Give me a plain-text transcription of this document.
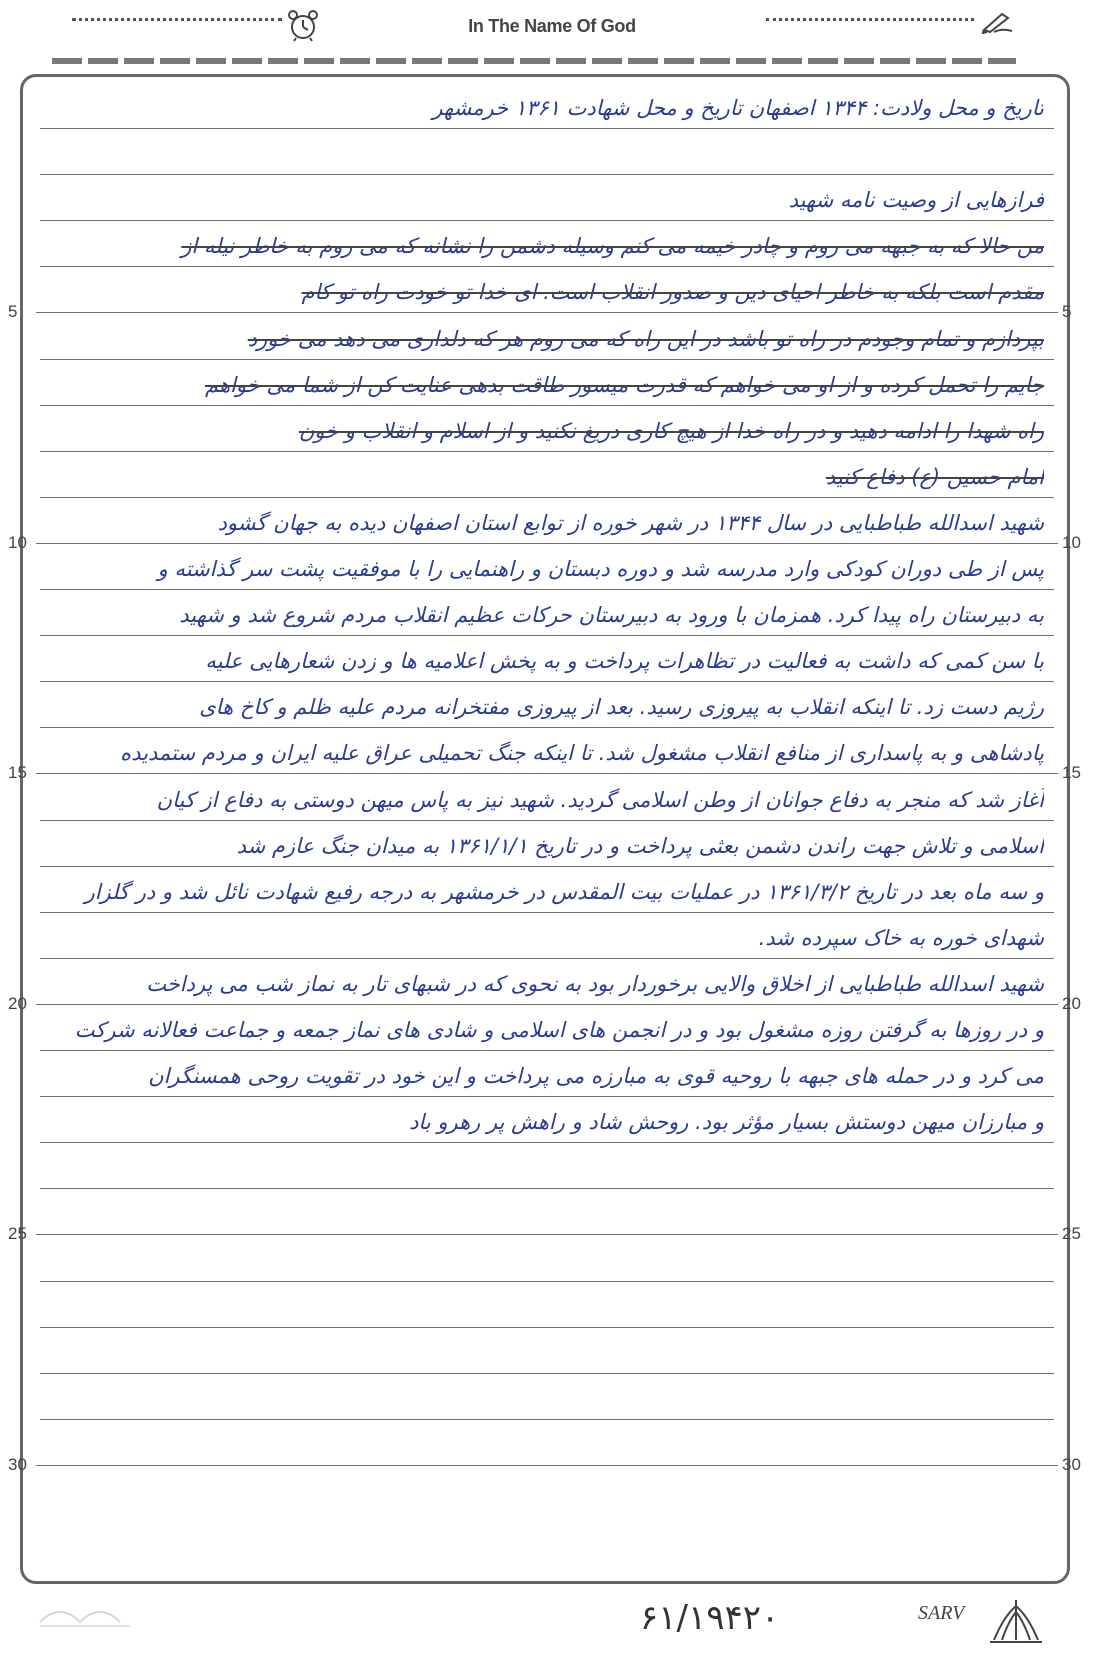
In The Name Of God
5	5
10	10
15	15
20	20
25	25
30	30
تاریخ و محل ولادت: ۱۳۴۴ اصفهان تاریخ و محل شهادت ۱۳۶۱ خرمشهر
فرازهایی از وصیت نامه شهید
من حالا که به جبهه می روم و چادر خیمه می کنم وسیله دشمن را نشانه که می روم به خاطر نیله از
مقدم است بلکه به خاطر احیای دین و صدور انقلاب است. ای خدا تو خودت راه تو کام
بپردازم و تمام وجودم در راه تو باشد در این راه که می روم هر که دلداری می دهد می خورد
جایم را تحمل کرده و از او می خواهم که قدرت میسور طاقت بدهی عنایت کن از شما می خواهم
راه شهدا را ادامه دهید و در راه خدا از هیچ کاری دریغ نکنید و از اسلام و انقلاب و خون
امام حسین (ع) دفاع کنید
شهید اسدالله طباطبایی در سال ۱۳۴۴ در شهر خوره از توابع استان اصفهان دیده به جهان گشود
پس از طی دوران کودکی وارد مدرسه شد و دوره دبستان و راهنمایی را با موفقیت پشت سر گذاشته و
به دبیرستان راه پیدا کرد. همزمان با ورود به دبیرستان حرکات عظیم انقلاب مردم شروع شد و شهید
با سن کمی که داشت به فعالیت در تظاهرات پرداخت و به پخش اعلامیه ها و زدن شعارهایی علیه
رژیم دست زد. تا اینکه انقلاب به پیروزی رسید. بعد از پیروزی مفتخرانه مردم علیه ظلم و کاخ های
پادشاهی و به پاسداری از منافع انقلاب مشغول شد. تا اینکه جنگ تحمیلی عراق علیه ایران و مردم ستمدیده
آغاز شد که منجر به دفاع جوانان از وطن اسلامی گردید. شهید نیز به پاس میهن دوستی به دفاع از کیان
اسلامی و تلاش جهت راندن دشمن بعثی پرداخت و در تاریخ ۱۳۶۱/۱/۱ به میدان جنگ عازم شد
و سه ماه بعد در تاریخ ۱۳۶۱/۳/۲ در عملیات بیت المقدس در خرمشهر به درجه رفیع شهادت نائل شد و در گلزار
شهدای خوره به خاک سپرده شد.
شهید اسدالله طباطبایی از اخلاق والایی برخوردار بود به نحوی که در شبهای تار به نماز شب می پرداخت
و در روزها به گرفتن روزه مشغول بود و در انجمن های اسلامی و شادی های نماز جمعه و جماعت فعالانه شرکت
می کرد و در حمله های جبهه با روحیه قوی به مبارزه می پرداخت و این خود در تقویت روحی همسنگران
و مبارزان میهن دوستش بسیار مؤثر بود. روحش شاد و راهش پر رهرو باد
۶۱/۱۹۴۲۰	SARV
